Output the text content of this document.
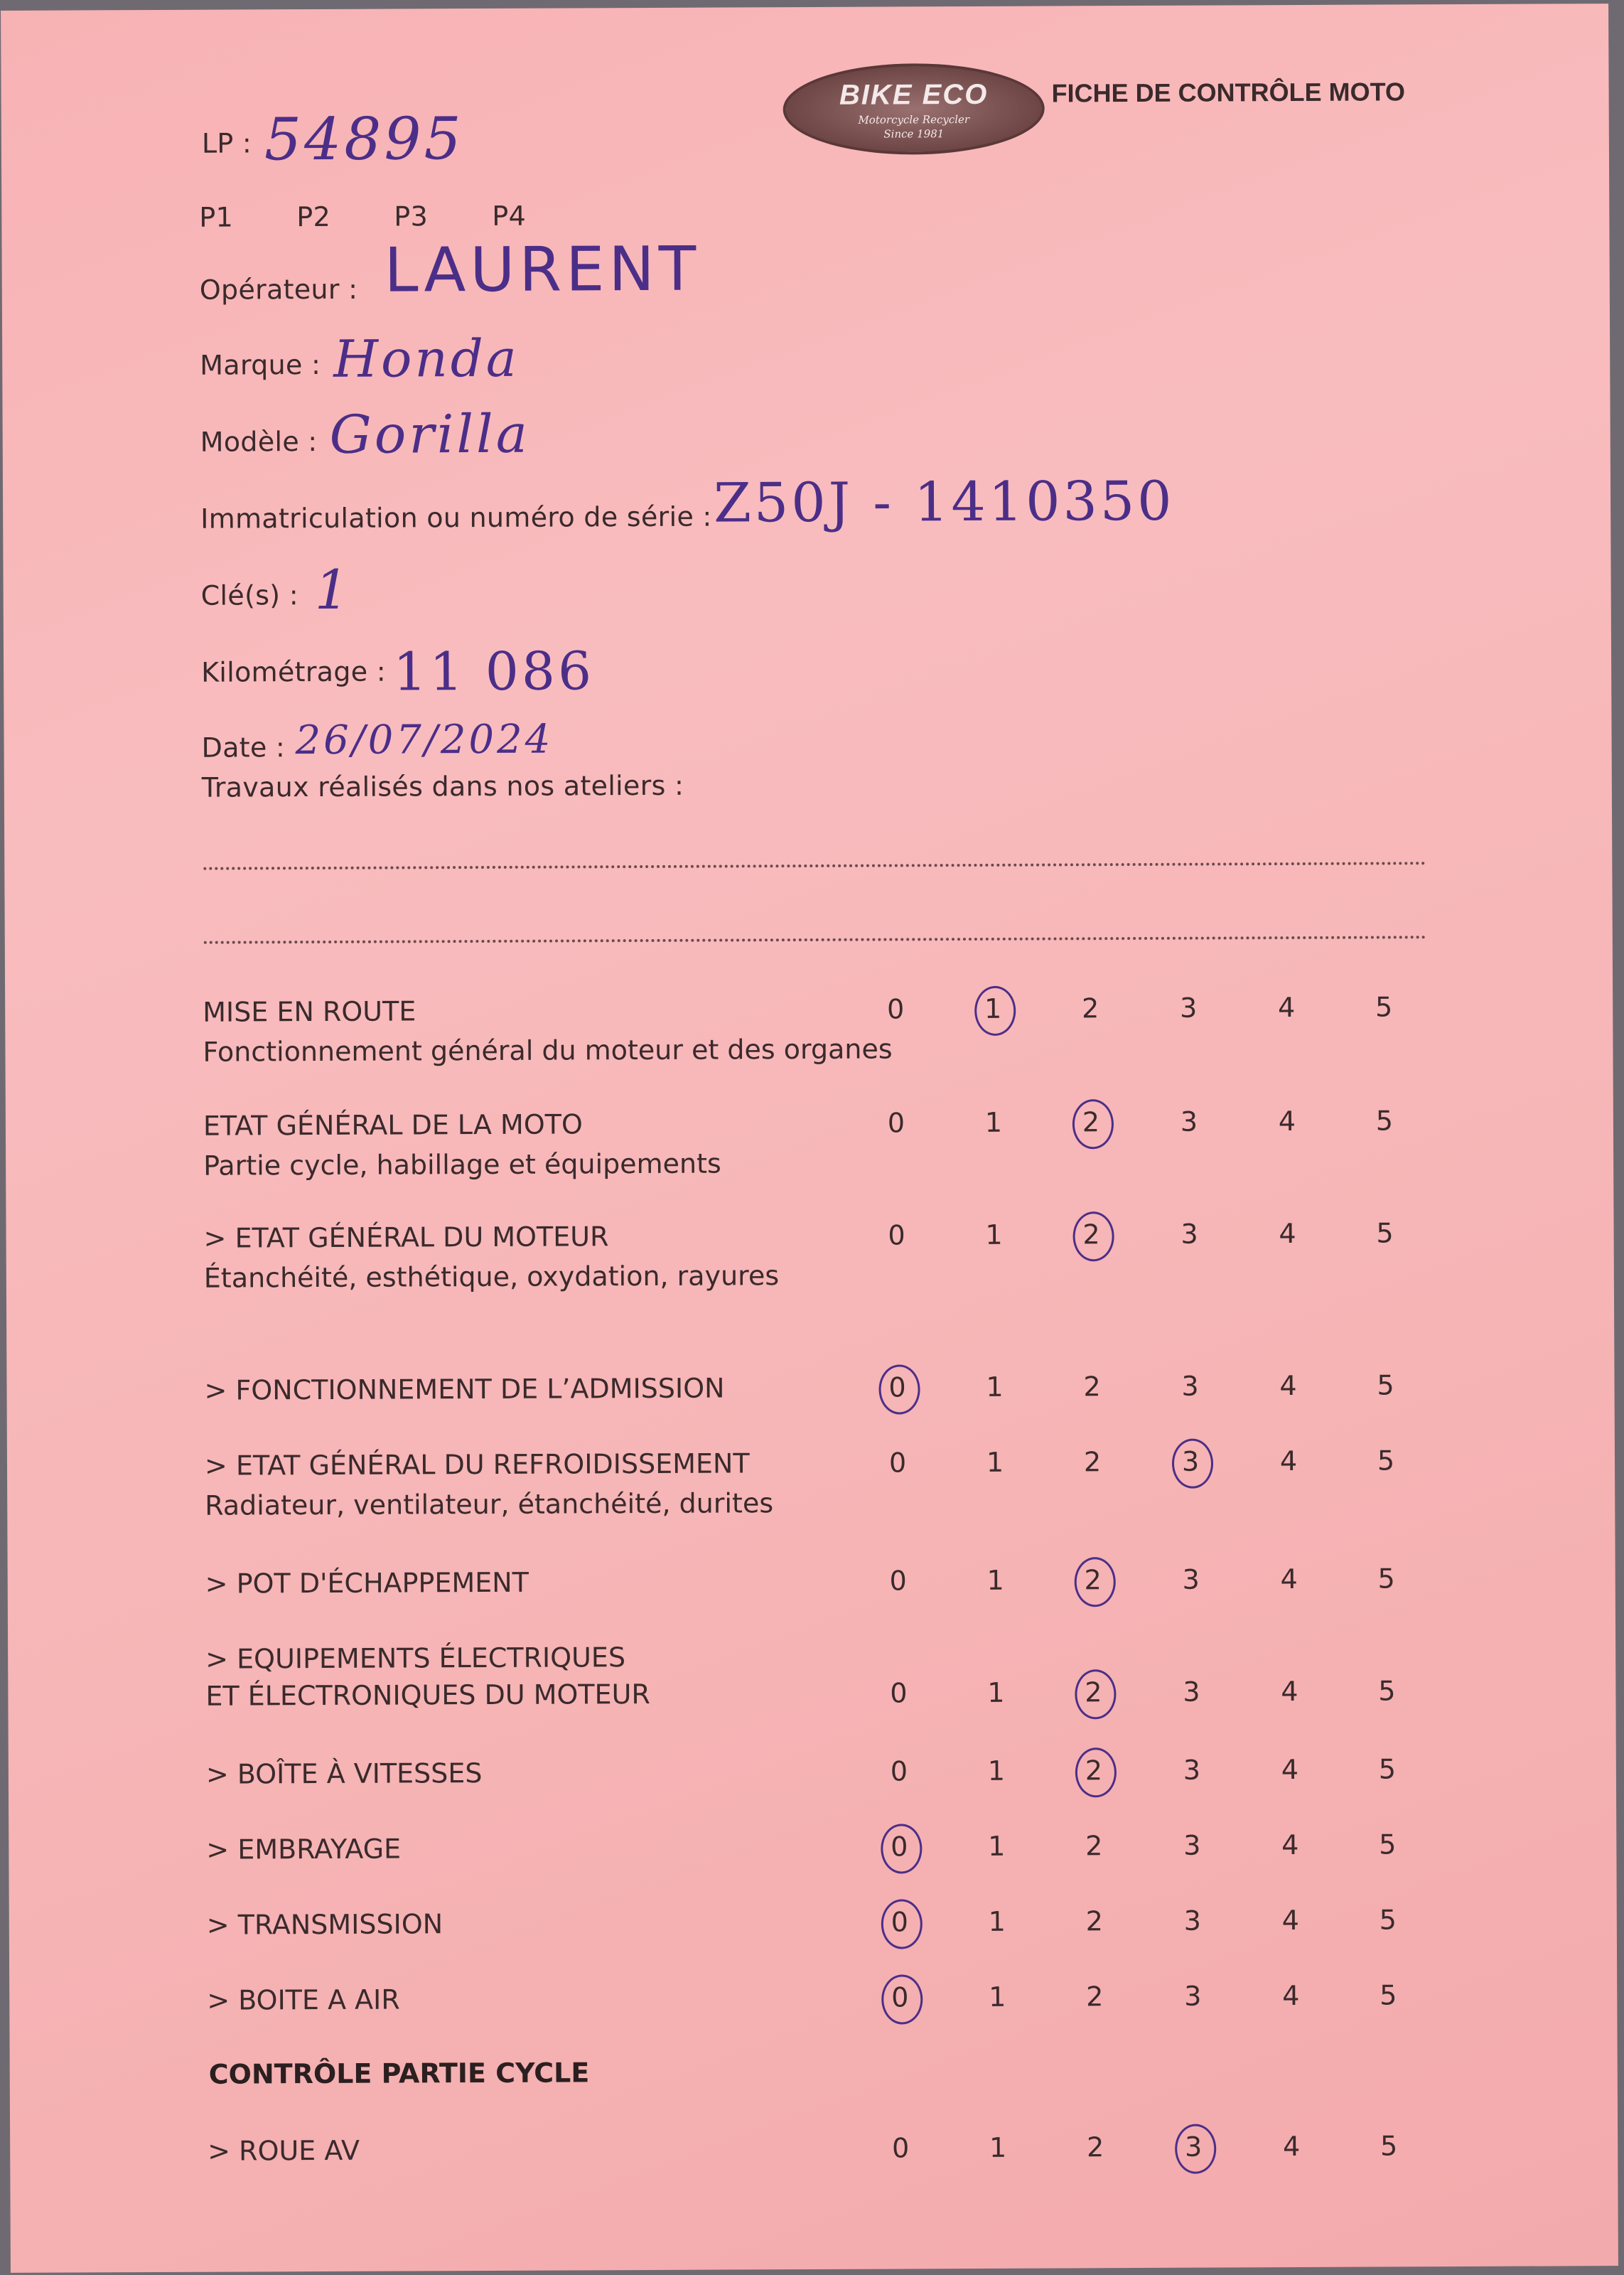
BIKE ECO
Motorcycle Recycler
Since 1981
FICHE DE CONTRÔLE MOTO
LP : 54895
P1 P2 P3 P4
Opérateur : LAURENT
Marque : Honda
Modèle : Gorilla
Immatriculation ou numéro de série : Z50J - 1410350
Clé(s) : 1
Kilométrage : 11 086
Date : 26/07/2024
Travaux réalisés dans nos ateliers :
MISE EN ROUTE
Fonctionnement général du moteur et des organes
0	1	2	3	4	5
ETAT GÉNÉRAL DE LA MOTO
Partie cycle, habillage et équipements
0	1	2	3	4	5
> ETAT GÉNÉRAL DU MOTEUR
Étanchéité, esthétique, oxydation, rayures
0	1	2	3	4	5
> FONCTIONNEMENT DE L’ADMISSION	0	1	2	3	4	5
> ETAT GÉNÉRAL DU REFROIDISSEMENT
Radiateur, ventilateur, étanchéité, durites
0	1	2	3	4	5
> POT D'ÉCHAPPEMENT	0	1	2	3	4	5
> EQUIPEMENTS ÉLECTRIQUES
ET ÉLECTRONIQUES DU MOTEUR	0	1	2	3	4	5
> BOÎTE À VITESSES	0	1	2	3	4	5
> EMBRAYAGE	0	1	2	3	4	5
> TRANSMISSION	0	1	2	3	4	5
> BOITE A AIR	0	1	2	3	4	5
CONTRÔLE PARTIE CYCLE
> ROUE AV	0	1	2	3	4	5
